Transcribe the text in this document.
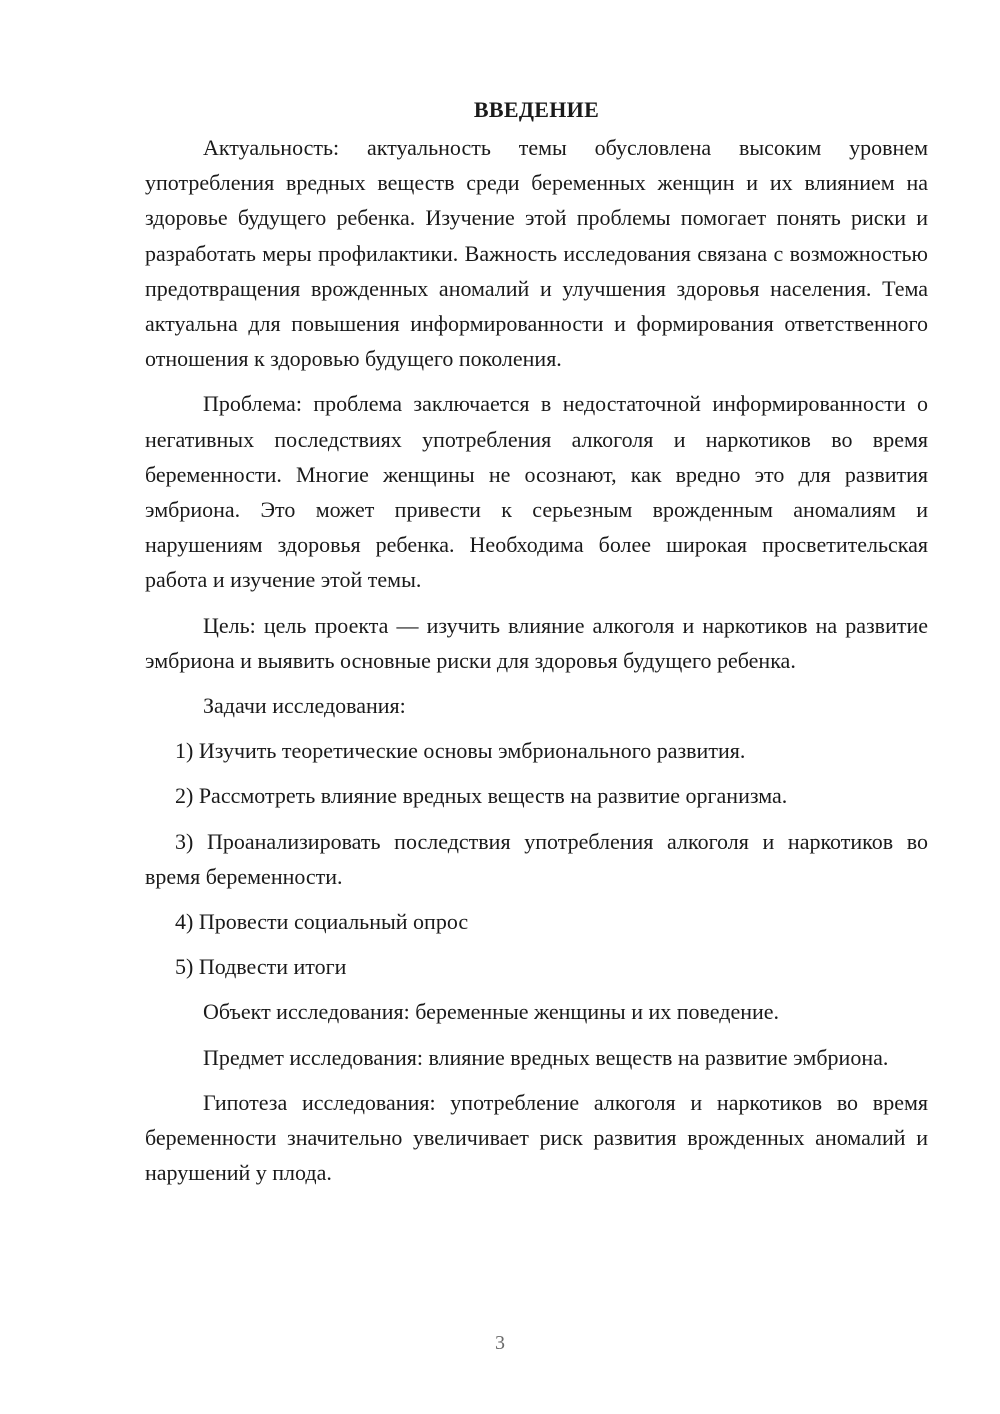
ВВЕДЕНИЕ

Актуальность: актуальность темы обусловлена высоким уровнем употребления вредных веществ среди беременных женщин и их влиянием на здоровье будущего ребенка. Изучение этой проблемы помогает понять риски и разработать меры профилактики. Важность исследования связана с возможностью предотвращения врожденных аномалий и улучшения здоровья населения. Тема актуальна для повышения информированности и формирования ответственного отношения к здоровью будущего поколения.

Проблема: проблема заключается в недостаточной информированности о негативных последствиях употребления алкоголя и наркотиков во время беременности. Многие женщины не осознают, как вредно это для развития эмбриона. Это может привести к серьезным врожденным аномалиям и нарушениям здоровья ребенка. Необходима более широкая просветительская работа и изучение этой темы.

Цель: цель проекта — изучить влияние алкоголя и наркотиков на развитие эмбриона и выявить основные риски для здоровья будущего ребенка.

Задачи исследования:

1) Изучить теоретические основы эмбрионального развития.

2) Рассмотреть влияние вредных веществ на развитие организма.

3) Проанализировать последствия употребления алкоголя и наркотиков во время беременности.

4) Провести социальный опрос

5) Подвести итоги

Объект исследования: беременные женщины и их поведение.

Предмет исследования: влияние вредных веществ на развитие эмбриона.

Гипотеза исследования: употребление алкоголя и наркотиков во время беременности значительно увеличивает риск развития врожденных аномалий и нарушений у плода.

3
